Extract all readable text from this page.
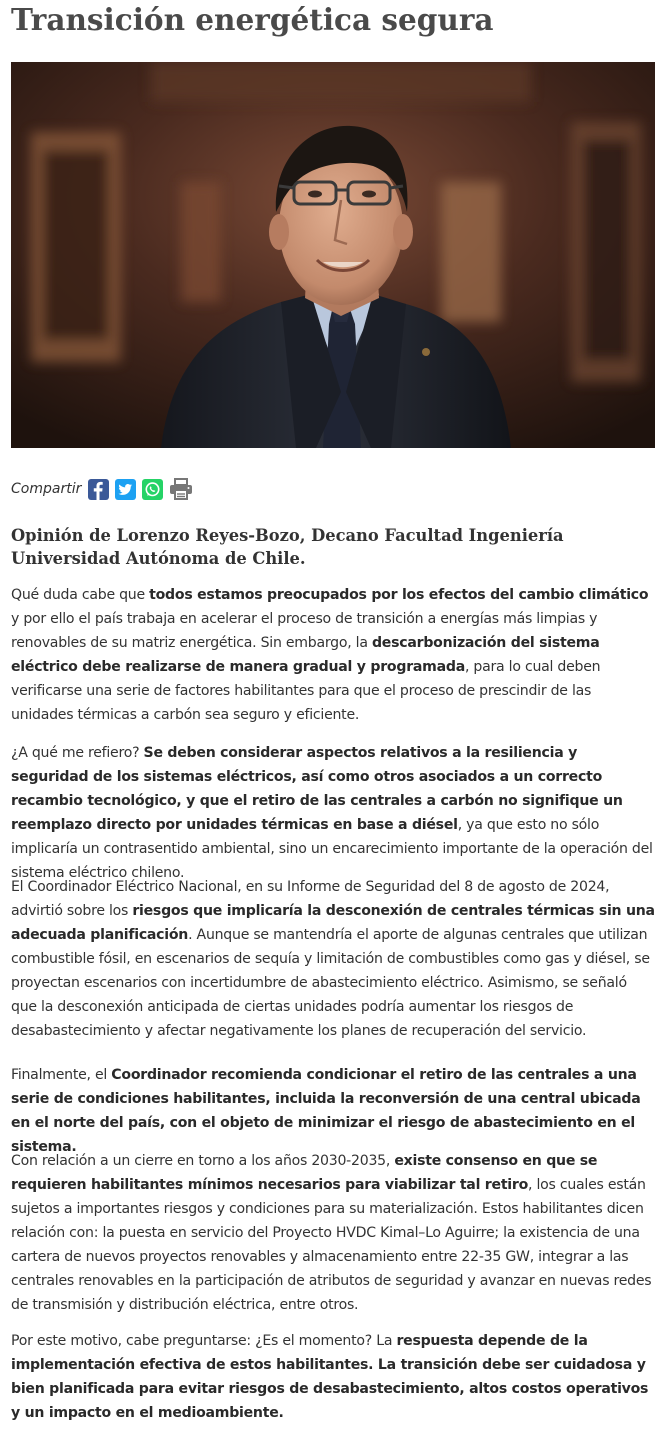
Transición energética segura
Compartir
Opinión de Lorenzo Reyes-Bozo, Decano Facultad Ingeniería Universidad Autónoma de Chile.

Qué duda cabe que todos estamos preocupados por los efectos del cambio climático y por ello el país trabaja en acelerar el proceso de transición a energías más limpias y renovables de su matriz energética. Sin embargo, la descarbonización del sistema eléctrico debe realizarse de manera gradual y programada, para lo cual deben verificarse una serie de factores habilitantes para que el proceso de prescindir de las unidades térmicas a carbón sea seguro y eficiente.

¿A qué me refiero? Se deben considerar aspectos relativos a la resiliencia y seguridad de los sistemas eléctricos, así como otros asociados a un correcto recambio tecnológico, y que el retiro de las centrales a carbón no signifique un reemplazo directo por unidades térmicas en base a diésel, ya que esto no sólo implicaría un contrasentido ambiental, sino un encarecimiento importante de la operación del sistema eléctrico chileno.

El Coordinador Eléctrico Nacional, en su Informe de Seguridad del 8 de agosto de 2024, advirtió sobre los riesgos que implicaría la desconexión de centrales térmicas sin una adecuada planificación. Aunque se mantendría el aporte de algunas centrales que utilizan combustible fósil, en escenarios de sequía y limitación de combustibles como gas y diésel, se proyectan escenarios con incertidumbre de abastecimiento eléctrico. Asimismo, se señaló que la desconexión anticipada de ciertas unidades podría aumentar los riesgos de desabastecimiento y afectar negativamente los planes de recuperación del servicio.

Finalmente, el Coordinador recomienda condicionar el retiro de las centrales a una serie de condiciones habilitantes, incluida la reconversión de una central ubicada en el norte del país, con el objeto de minimizar el riesgo de abastecimiento en el sistema.

Con relación a un cierre en torno a los años 2030-2035, existe consenso en que se requieren habilitantes mínimos necesarios para viabilizar tal retiro, los cuales están sujetos a importantes riesgos y condiciones para su materialización. Estos habilitantes dicen relación con: la puesta en servicio del Proyecto HVDC Kimal–Lo Aguirre; la existencia de una cartera de nuevos proyectos renovables y almacenamiento entre 22-35 GW, integrar a las centrales renovables en la participación de atributos de seguridad y avanzar en nuevas redes de transmisión y distribución eléctrica, entre otros.

Por este motivo, cabe preguntarse: ¿Es el momento? La respuesta depende de la implementación efectiva de estos habilitantes. La transición debe ser cuidadosa y bien planificada para evitar riesgos de desabastecimiento, altos costos operativos y un impacto en el medioambiente.
